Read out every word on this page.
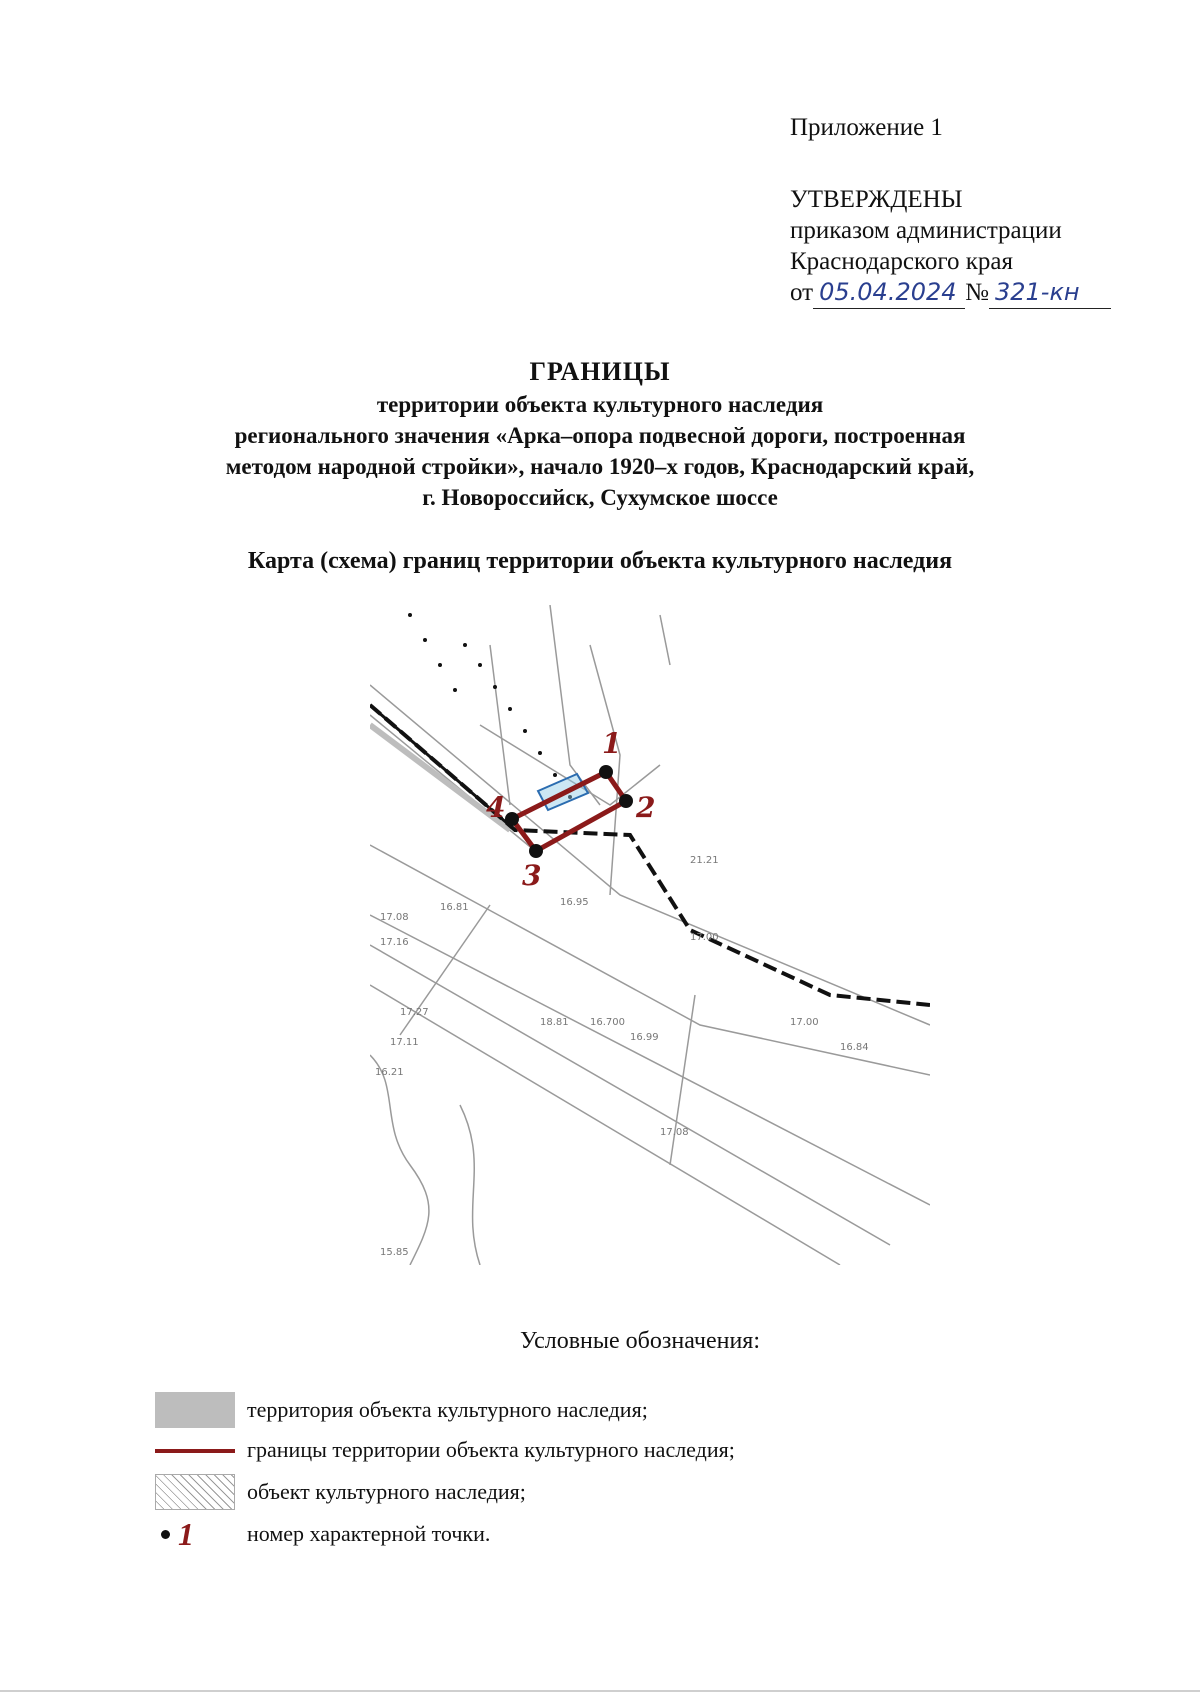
Приложение 1
УТВЕРЖДЕНЫ
приказом администрации
Краснодарского края
от 05.04.2024 № 321-кн
ГРАНИЦЫ
территории объекта культурного наследия
регионального значения «Арка–опора подвесной дороги, построенная
методом народной стройки», начало 1920–х годов, Краснодарский край,
г. Новороссийск, Сухумское шоссе
Карта (схема) границ территории объекта культурного наследия
21.21
17.00
16.81
17.08
17.16
16.95
17.27
17.11
16.21
15.85
17.08
16.700
16.84
18.81	17.00
16.99
1
2
3
4
Условные обозначения:
территория объекта культурного наследия;
границы территории объекта культурного наследия;
объект культурного наследия;
1 номер характерной точки.
